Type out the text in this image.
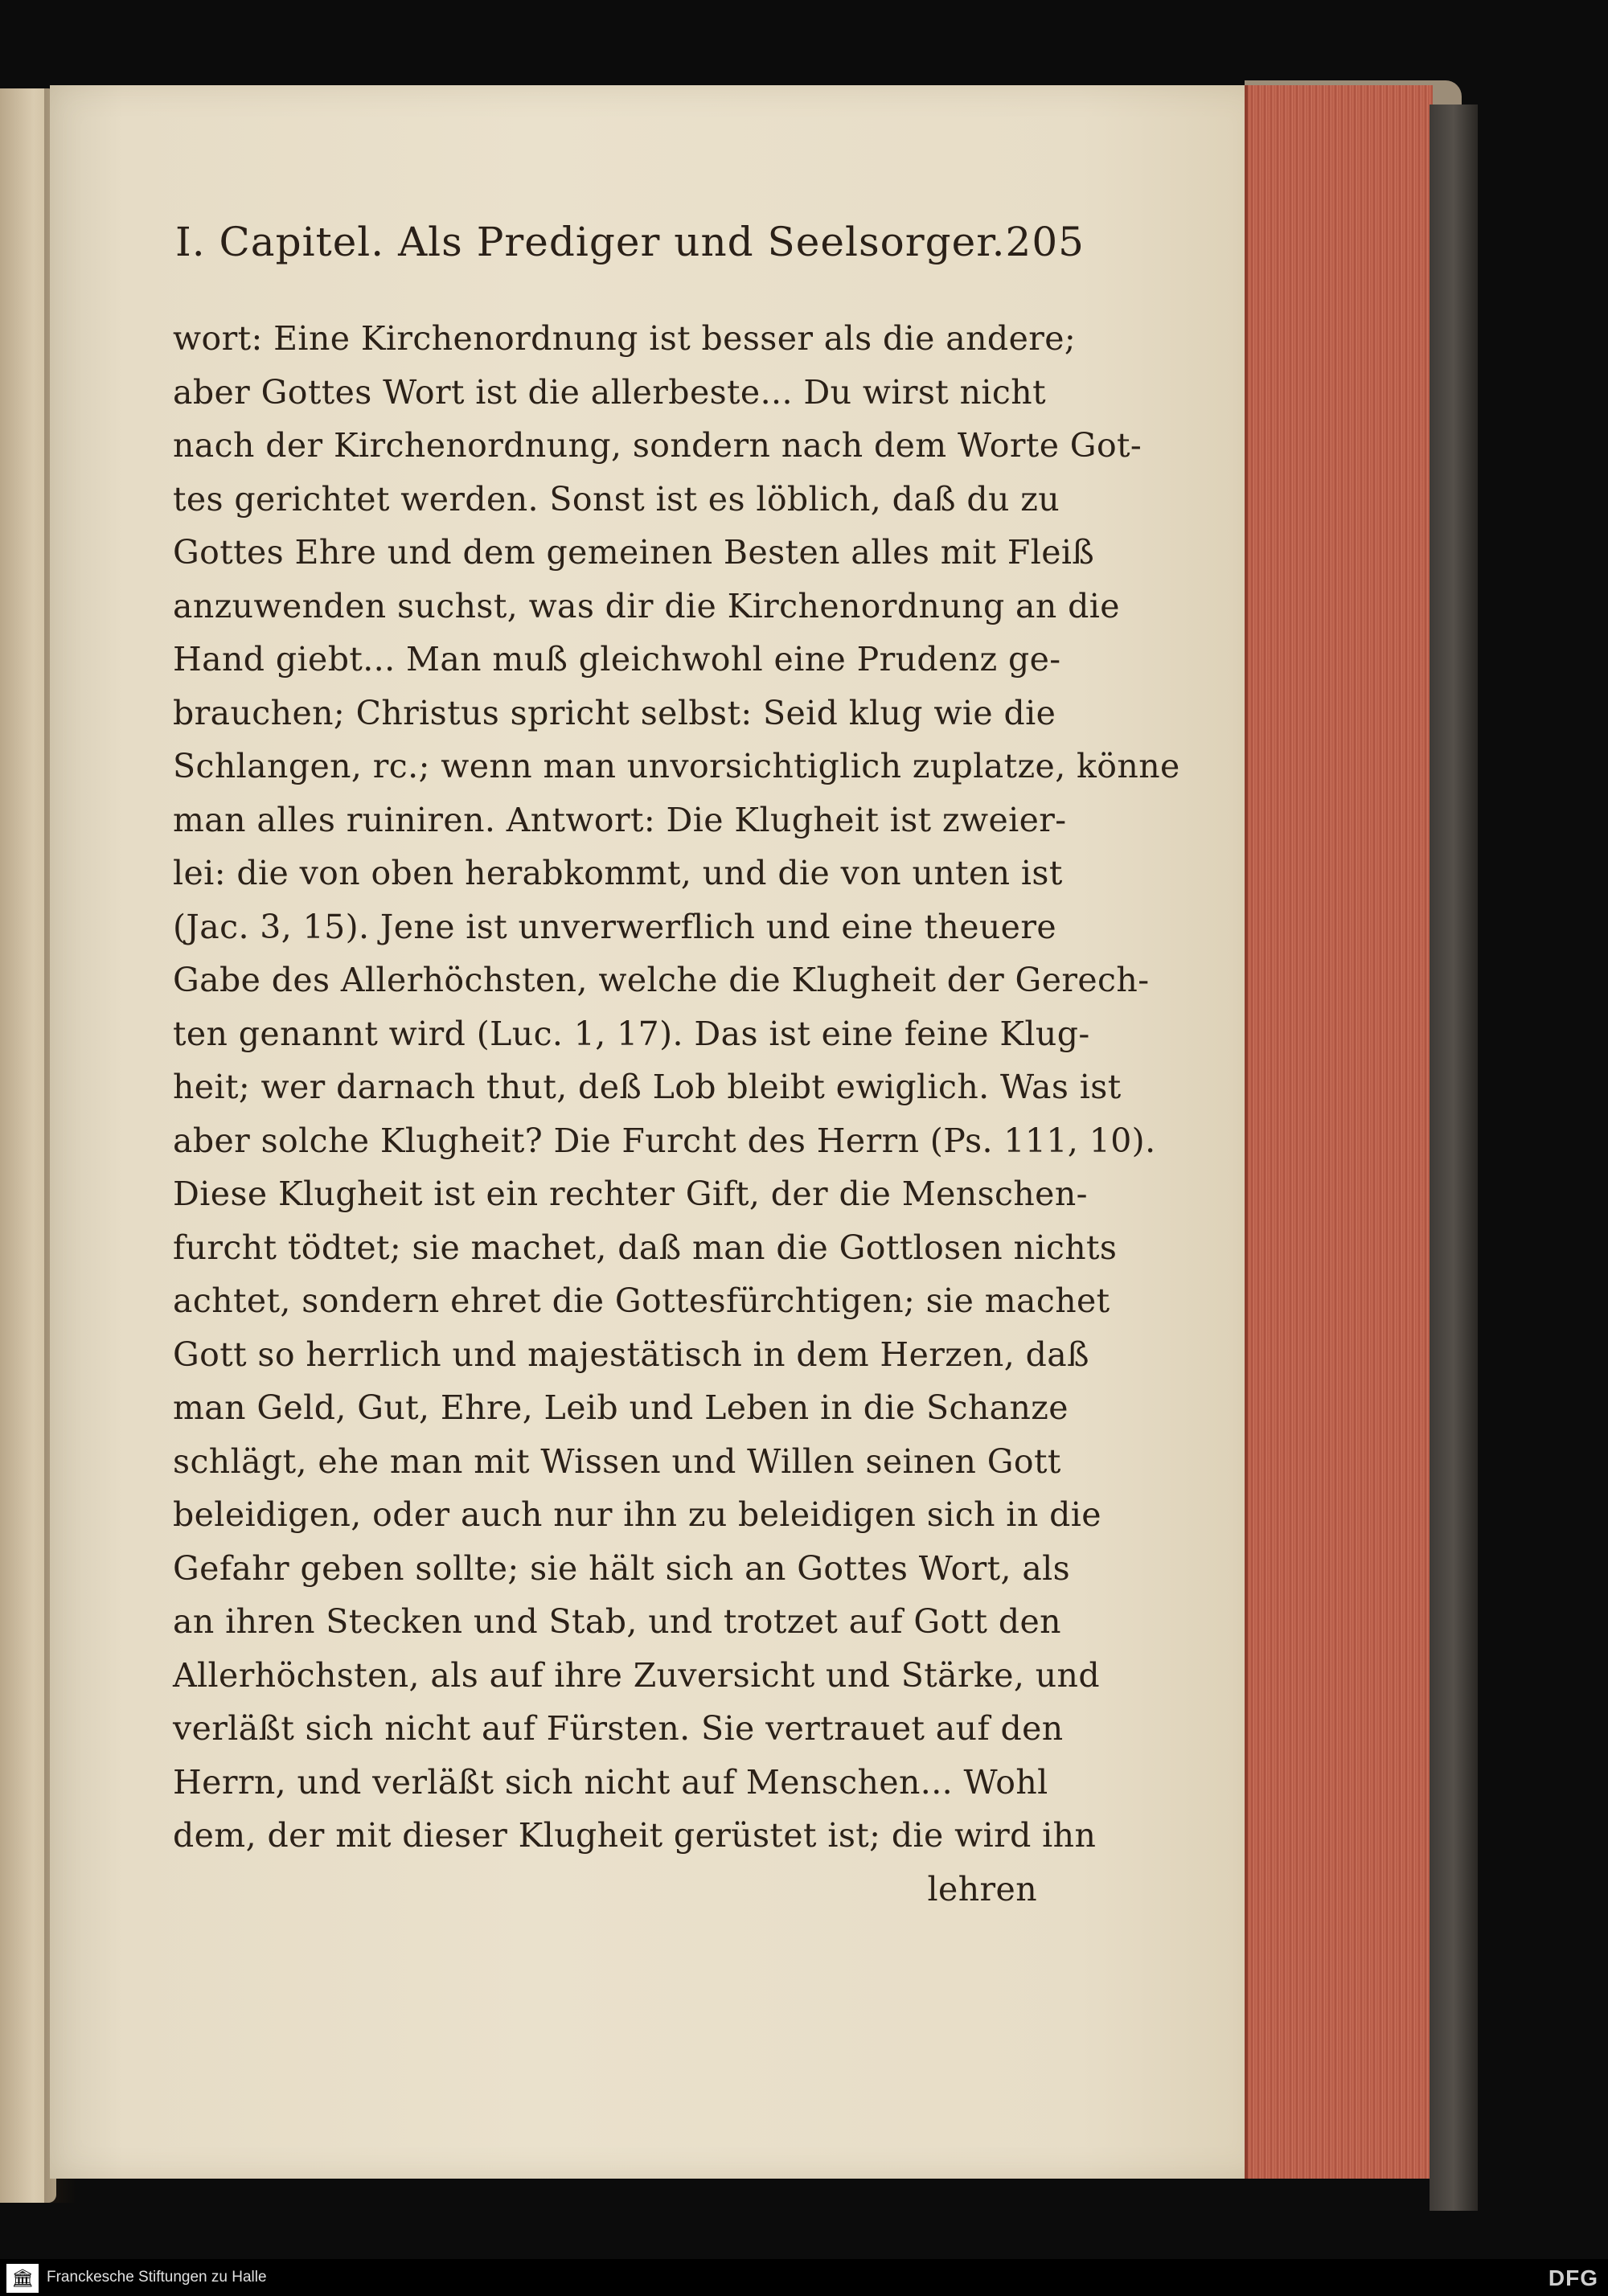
I. Capitel. Als Prediger und Seelsorger. 205
wort: Eine Kirchenordnung ist besser als die andere;
aber Gottes Wort ist die allerbeste... Du wirst nicht
nach der Kirchenordnung, sondern nach dem Worte Got-
tes gerichtet werden. Sonst ist es löblich, daß du zu
Gottes Ehre und dem gemeinen Besten alles mit Fleiß
anzuwenden suchst, was dir die Kirchenordnung an die
Hand giebt... Man muß gleichwohl eine Prudenz ge-
brauchen; Christus spricht selbst: Seid klug wie die
Schlangen, rc.; wenn man unvorsichtiglich zuplatze, könne
man alles ruiniren. Antwort: Die Klugheit ist zweier-
lei: die von oben herabkommt, und die von unten ist
(Jac. 3, 15). Jene ist unverwerflich und eine theuere
Gabe des Allerhöchsten, welche die Klugheit der Gerech-
ten genannt wird (Luc. 1, 17). Das ist eine feine Klug-
heit; wer darnach thut, deß Lob bleibt ewiglich. Was ist
aber solche Klugheit? Die Furcht des Herrn (Ps. 111, 10).
Diese Klugheit ist ein rechter Gift, der die Menschen-
furcht tödtet; sie machet, daß man die Gottlosen nichts
achtet, sondern ehret die Gottesfürchtigen; sie machet
Gott so herrlich und majestätisch in dem Herzen, daß
man Geld, Gut, Ehre, Leib und Leben in die Schanze
schlägt, ehe man mit Wissen und Willen seinen Gott
beleidigen, oder auch nur ihn zu beleidigen sich in die
Gefahr geben sollte; sie hält sich an Gottes Wort, als
an ihren Stecken und Stab, und trotzet auf Gott den
Allerhöchsten, als auf ihre Zuversicht und Stärke, und
verläßt sich nicht auf Fürsten. Sie vertrauet auf den
Herrn, und verläßt sich nicht auf Menschen... Wohl
dem, der mit dieser Klugheit gerüstet ist; die wird ihn
lehren
🏛 Franckesche Stiftungen zu Halle	DFG
